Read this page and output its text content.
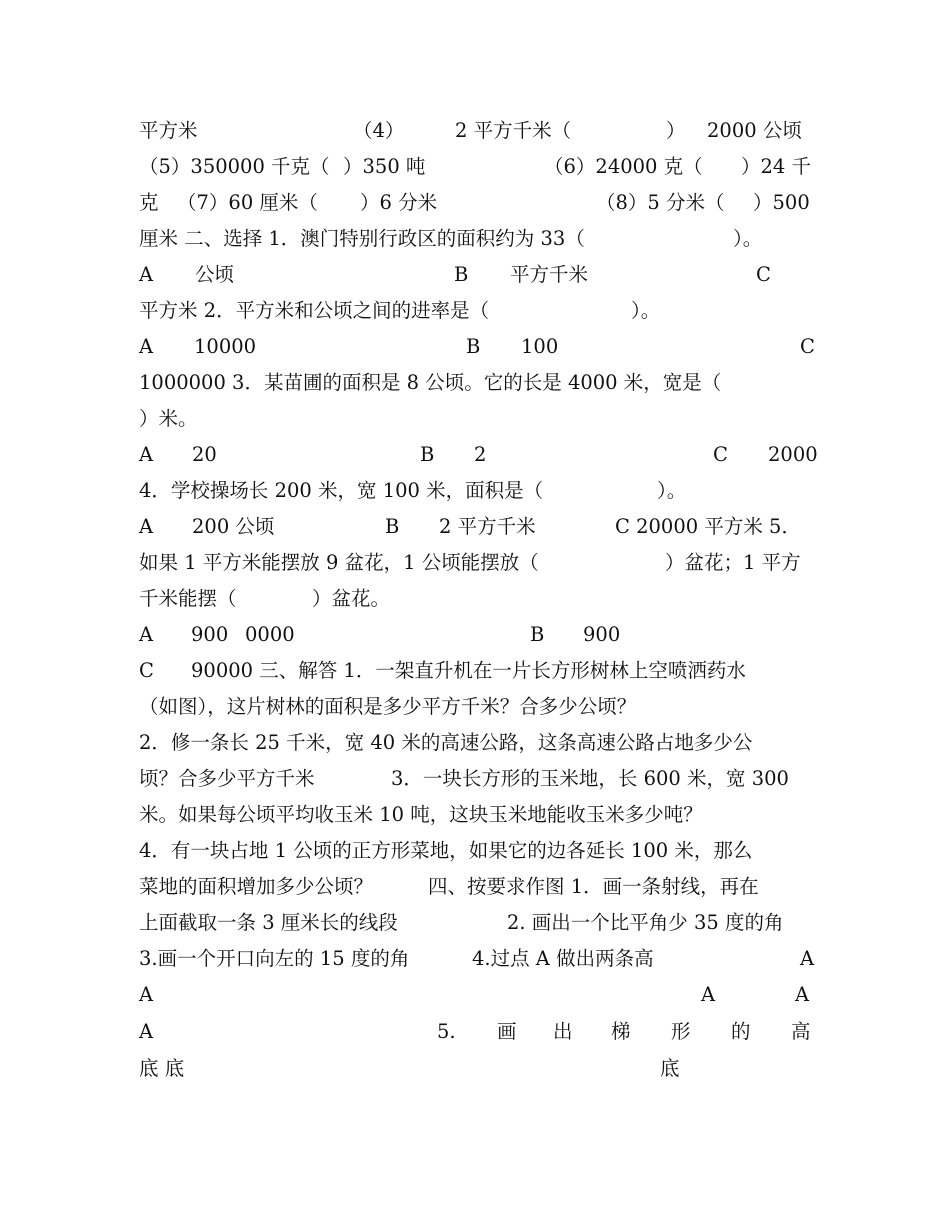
平方米	（4）	2 平方千米（	） 2000 公顷
（5）350000 千克（ ）350 吨	（6）24000 克（ ）24 千
克 （7）60 厘米（ ）6 分米	（8）5 分米（ ）500
厘米 二、选择 1．澳门特别行政区的面积约为 33（	）。
A 公顷	B 平方千米	C
平方米 2．平方米和公顷之间的进率是（	）。
A 10000	B 100	C
1000000 3．某苗圃的面积是 8 公顷。它的长是 4000 米，宽是（
）米。
A 20	B 2	C 2000
4．学校操场长 200 米，宽 100 米，面积是（	）。
A 200 公顷	B 2 平方千米	C 20000 平方米 5．
如果 1 平方米能摆放 9 盆花，1 公顷能摆放（	）盆花；1 平方
千米能摆（	）盆花。
A 900 0000	B 900
C 90000 三、解答 1．一架直升机在一片长方形树林上空喷洒药水
（如图），这片树林的面积是多少平方千米？合多少公顷？
2．修一条长 25 千米，宽 40 米的高速公路，这条高速公路占地多少公
顷？合多少平方千米	3．一块长方形的玉米地，长 600 米，宽 300
米。如果每公顷平均收玉米 10 吨，这块玉米地能收玉米多少吨？
4．有一块占地 1 公顷的正方形菜地，如果它的边各延长 100 米，那么
菜地的面积增加多少公顷？	四、按要求作图 1．画一条射线，再在
上面截取一条 3 厘米长的线段	2. 画出一个比平角少 35 度的角
3.画一个开口向左的 15 度的角	4.过点 A 做出两条高	A
A	A	A
A	5. 画 出 梯 形 的 高
底 底	底
